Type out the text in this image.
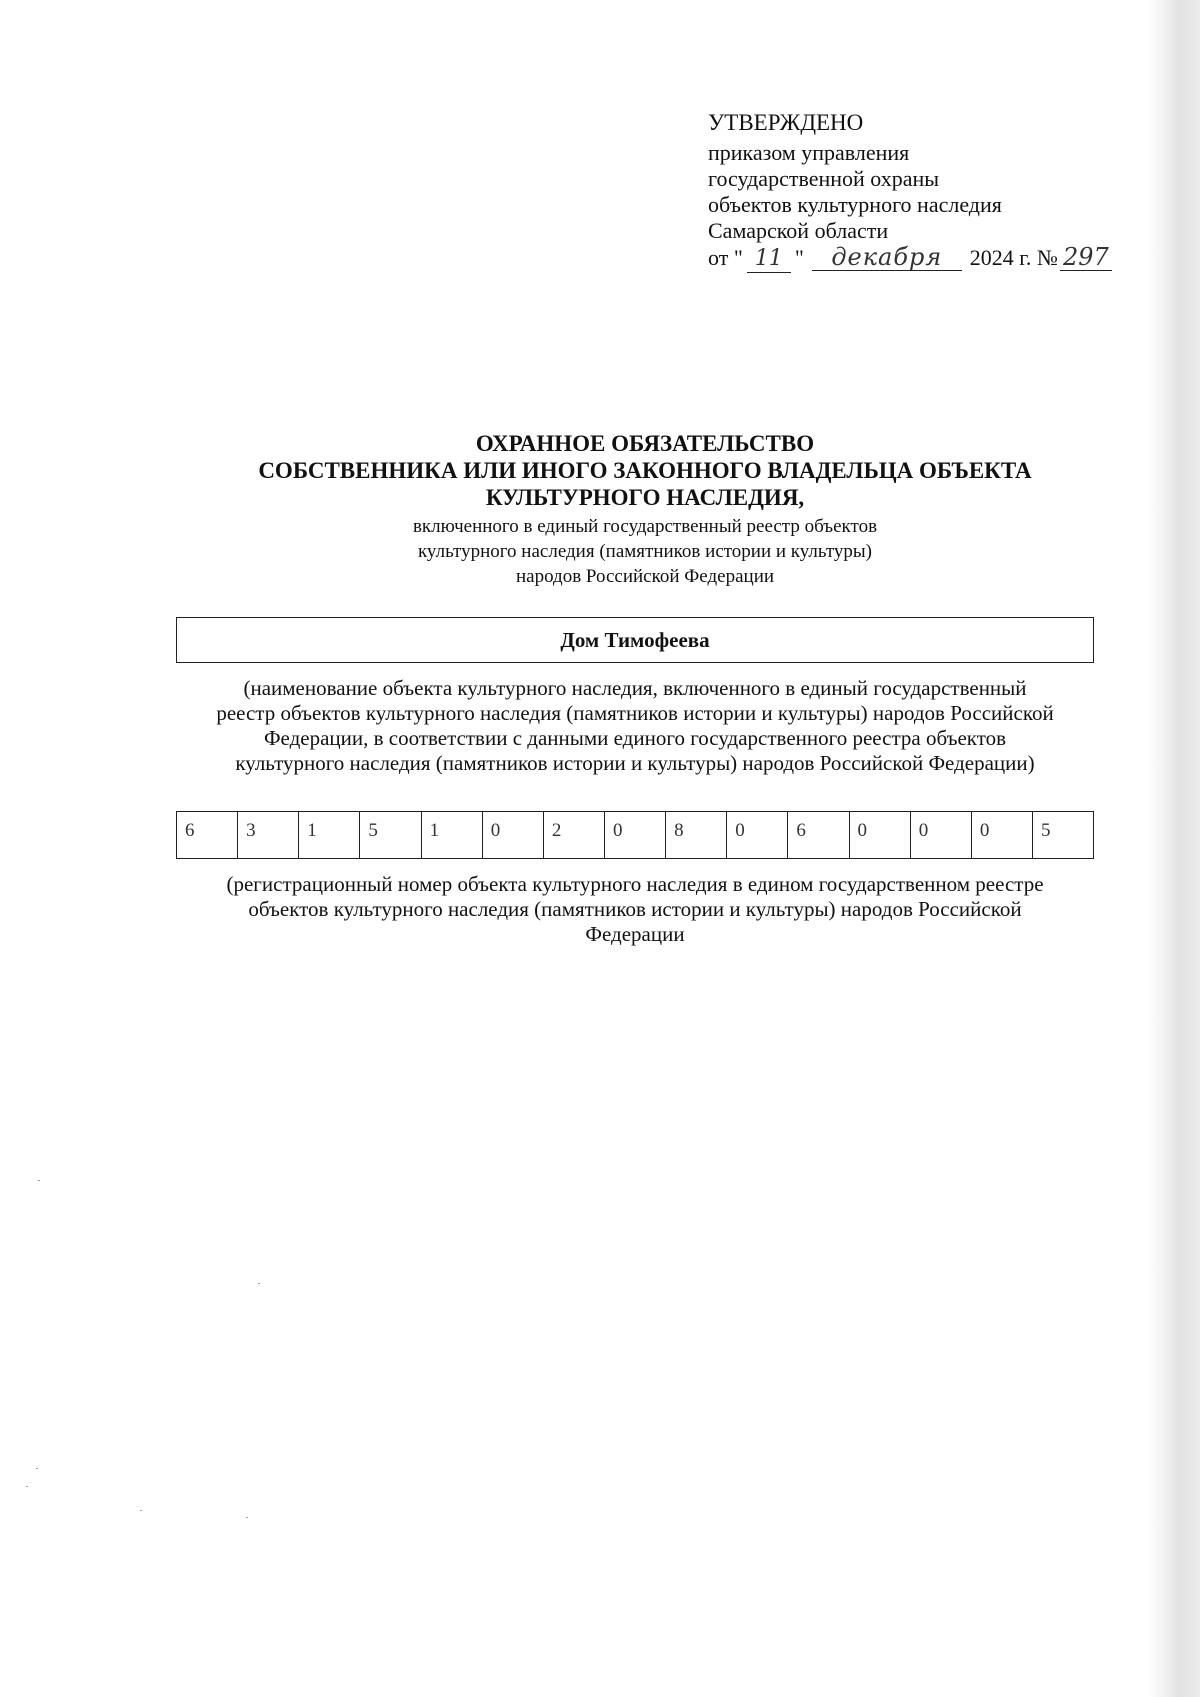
УТВЕРЖДЕНО
приказом управления
государственной охраны
объектов культурного наследия
Самарской области
от " 11 " декабря 2024 г. № 297
ОХРАННОЕ ОБЯЗАТЕЛЬСТВО
СОБСТВЕННИКА ИЛИ ИНОГО ЗАКОННОГО ВЛАДЕЛЬЦА ОБЪЕКТА
КУЛЬТУРНОГО НАСЛЕДИЯ,
включенного в единый государственный реестр объектов
культурного наследия (памятников истории и культуры)
народов Российской Федерации
Дом Тимофеева
(наименование объекта культурного наследия, включенного в единый государственный
реестр объектов культурного наследия (памятников истории и культуры) народов Российской
Федерации, в соответствии с данными единого государственного реестра объектов
культурного наследия (памятников истории и культуры) народов Российской Федерации)
6	3	1	5	1	0	2	0	8	0	6	0	0	0	5
(регистрационный номер объекта культурного наследия в едином государственном реестре
объектов культурного наследия (памятников истории и культуры) народов Российской
Федерации
